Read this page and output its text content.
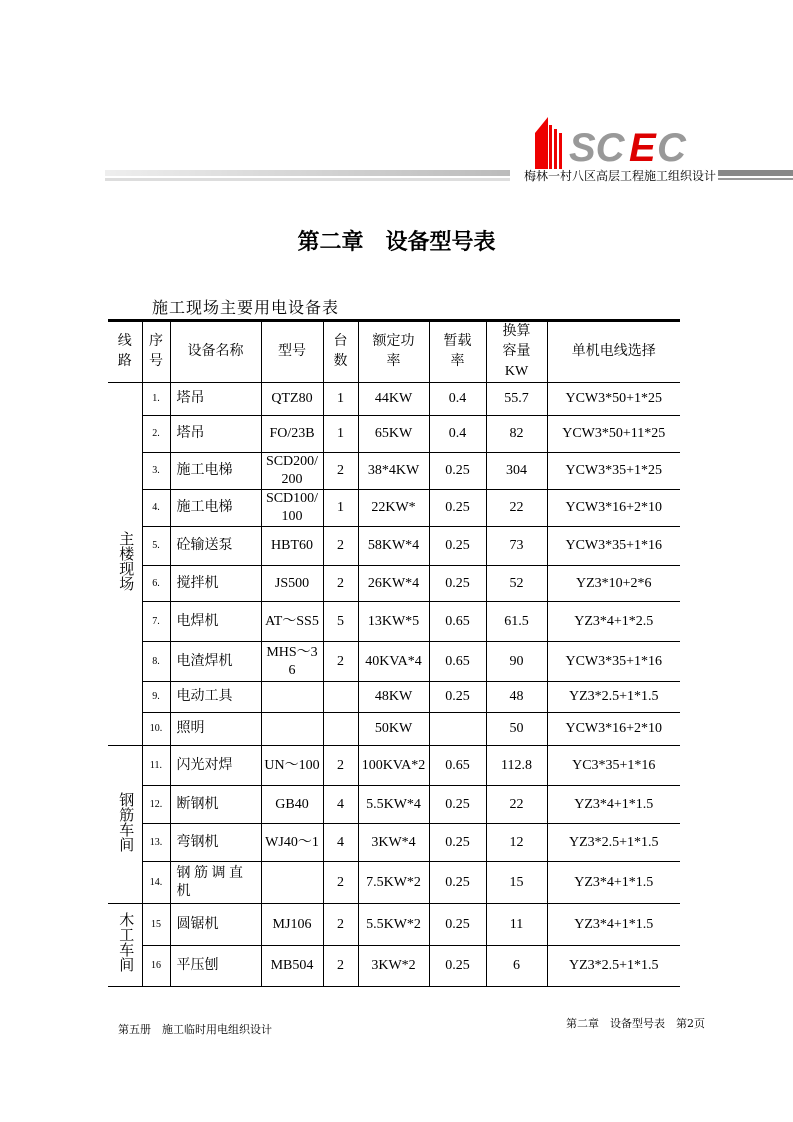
SC E C
梅林一村八区高层工程施工组织设计
第二章　设备型号表
施工现场主要用电设备表
线路	序号	设备名称	型号	台数	额定功率	暂载率	换算容量KW	单机电线选择
主楼现场	1.	塔吊	QTZ80	1	44KW	0.4	55.7	YCW3*50+1*25
	2.	塔吊	FO/23B	1	65KW	0.4	82	YCW3*50+11*25
	3.	施工电梯	SCD200/200	2	38*4KW	0.25	304	YCW3*35+1*25
	4.	施工电梯	SCD100/100	1	22KW*	0.25	22	YCW3*16+2*10
	5.	砼输送泵	HBT60	2	58KW*4	0.25	73	YCW3*35+1*16
	6.	搅拌机	JS500	2	26KW*4	0.25	52	YZ3*10+2*6
	7.	电焊机	AT～SS5	5	13KW*5	0.65	61.5	YZ3*4+1*2.5
	8.	电渣焊机	MHS～36	2	40KVA*4	0.65	90	YCW3*35+1*16
	9.	电动工具			48KW	0.25	48	YZ3*2.5+1*1.5
	10.	照明			50KW		50	YCW3*16+2*10
钢筋车间	11.	闪光对焊	UN～100	2	100KVA*2	0.65	112.8	YC3*35+1*16
	12.	断钢机	GB40	4	5.5KW*4	0.25	22	YZ3*4+1*1.5
	13.	弯钢机	WJ40～1	4	3KW*4	0.25	12	YZ3*2.5+1*1.5
	14.	钢 筋 调 直 机		2	7.5KW*2	0.25	15	YZ3*4+1*1.5
木工车间	15	圆锯机	MJ106	2	5.5KW*2	0.25	11	YZ3*4+1*1.5
	16	平压刨	MB504	2	3KW*2	0.25	6	YZ3*2.5+1*1.5
第五册　施工临时用电组织设计	第二章　设备型号表　第2页
